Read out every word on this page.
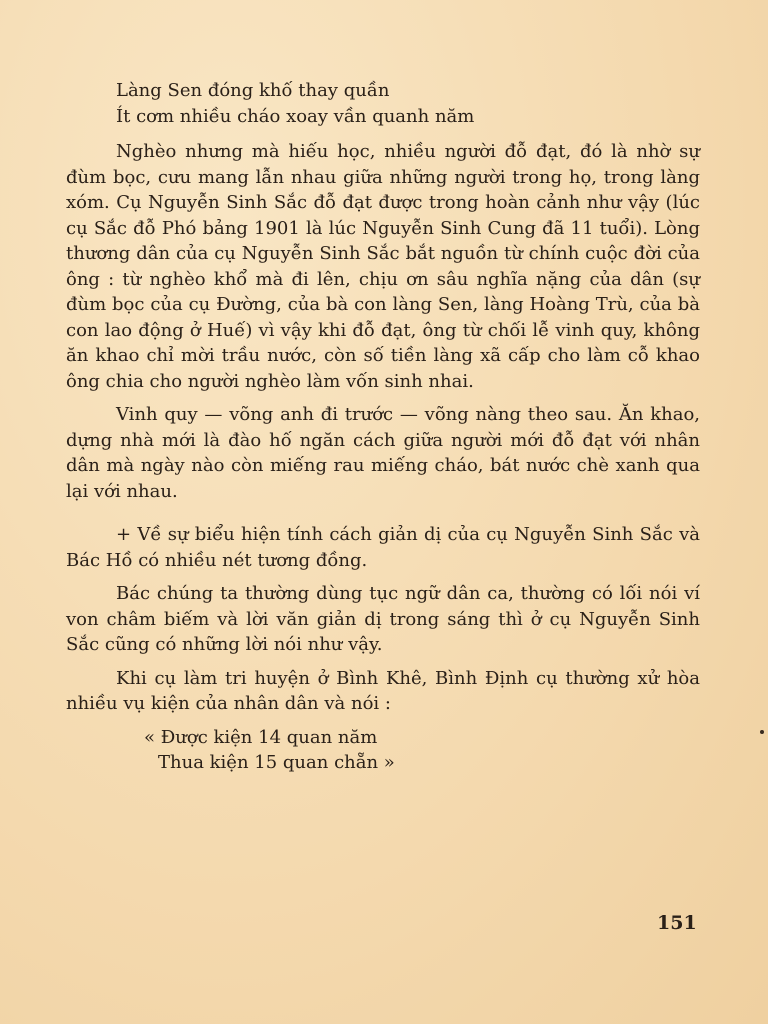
Làng Sen đóng khố thay quần
Ít cơm nhiều cháo xoay vần quanh năm

Nghèo nhưng mà hiếu học, nhiều người đỗ đạt, đó là nhờ sự đùm bọc, cưu mang lẫn nhau giữa những người trong họ, trong làng xóm. Cụ Nguyễn Sinh Sắc đỗ đạt được trong hoàn cảnh như vậy (lúc cụ Sắc đỗ Phó bảng 1901 là lúc Nguyễn Sinh Cung đã 11 tuổi). Lòng thương dân của cụ Nguyễn Sinh Sắc bắt nguồn từ chính cuộc đời của ông : từ nghèo khổ mà đi lên, chịu ơn sâu nghĩa nặng của dân (sự đùm bọc của cụ Đường, của bà con làng Sen, làng Hoàng Trù, của bà con lao động ở Huế) vì vậy khi đỗ đạt, ông từ chối lễ vinh quy, không ăn khao chỉ mời trầu nước, còn số tiền làng xã cấp cho làm cỗ khao ông chia cho người nghèo làm vốn sinh nhai.

Vinh quy — võng anh đi trước — võng nàng theo sau. Ăn khao, dựng nhà mới là đào hố ngăn cách giữa người mới đỗ đạt với nhân dân mà ngày nào còn miếng rau miếng cháo, bát nước chè xanh qua lại với nhau.

+ Về sự biểu hiện tính cách giản dị của cụ Nguyễn Sinh Sắc và Bác Hồ có nhiều nét tương đồng.

Bác chúng ta thường dùng tục ngữ dân ca, thường có lối nói ví von châm biếm và lời văn giản dị trong sáng thì ở cụ Nguyễn Sinh Sắc cũng có những lời nói như vậy.

Khi cụ làm tri huyện ở Bình Khê, Bình Định cụ thường xử hòa nhiều vụ kiện của nhân dân và nói :

« Được kiện 14 quan năm
Thua kiện 15 quan chẵn »
151
